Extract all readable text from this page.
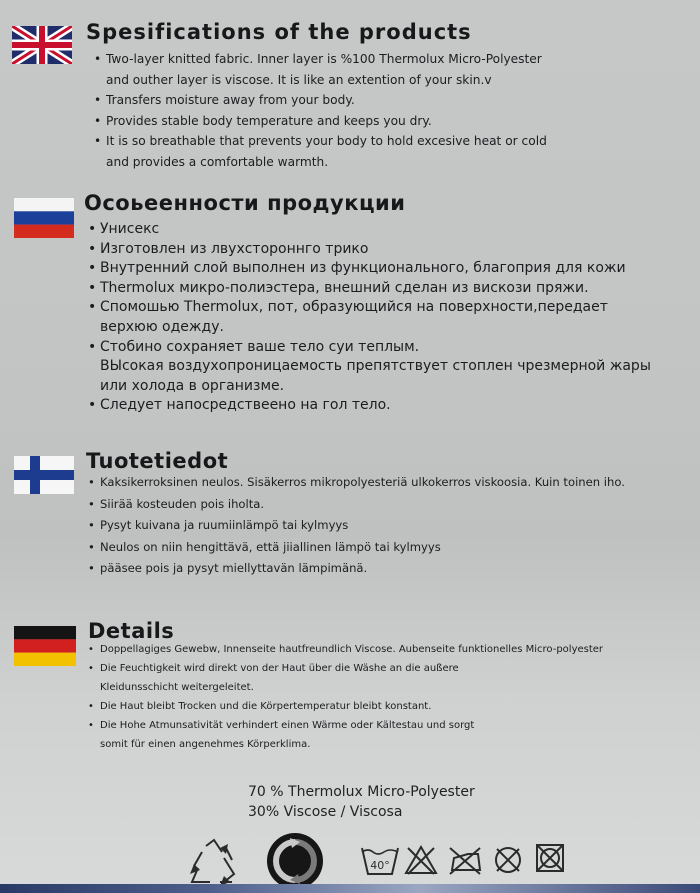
Spesifications of the products
• Two-layer knitted fabric. Inner layer is %100 Thermolux Micro-Polyester
and outher layer is viscose. It is like an extention of your skin.v
• Transfers moisture away from your body.
• Provides stable body temperature and keeps you dry.
• It is so breathable that prevents your body to hold excesive heat or cold
and provides a comfortable warmth.
Осоьеенности продукции
• Унисекс
• Изготовлен из лвухстороннго трико
• Внутренний слой выполнен из функционального, благоприя для кожи
• Thermolux микро-полиэстера, внешний сделан из вискози пряжи.
• Спомошью Thermolux, пот, образующийся на поверхности,передает
верхюю одежду.
• Стобино сохраняет ваше тело суи теплым.
ВЫсокая воздухопроницаемость препятствует стоплен чрезмерной жары
или холода в организме.
• Следует напосредствеено на гол тело.
Tuotetiedot
• Kaksikerroksinen neulos. Sisäkerros mikropolyesteriä ulkokerros viskoosia. Kuin toinen iho.
• Siirää kosteuden pois iholta.
• Pysyt kuivana ja ruumiinlämpö tai kylmyys
• Neulos on niin hengittävä, että jiiallinen lämpö tai kylmyys
• pääsee pois ja pysyt miellyttavän lämpimänä.
Details
• Doppellagiges Gewebw, Innenseite hautfreundlich Viscose. Aubenseite funktionelles Micro-polyester
• Die Feuchtigkeit wird direkt von der Haut über die Wäshe an die außere
Kleidunsschicht weitergeleitet.
• Die Haut bleibt Trocken und die Körpertemperatur bleibt konstant.
• Die Hohe Atmunsativität verhindert einen Wärme oder Kältestau und sorgt
somit für einen angenehmes Körperklima.
70 % Thermolux Micro-Polyester
30% Viscose / Viscosa
40°
